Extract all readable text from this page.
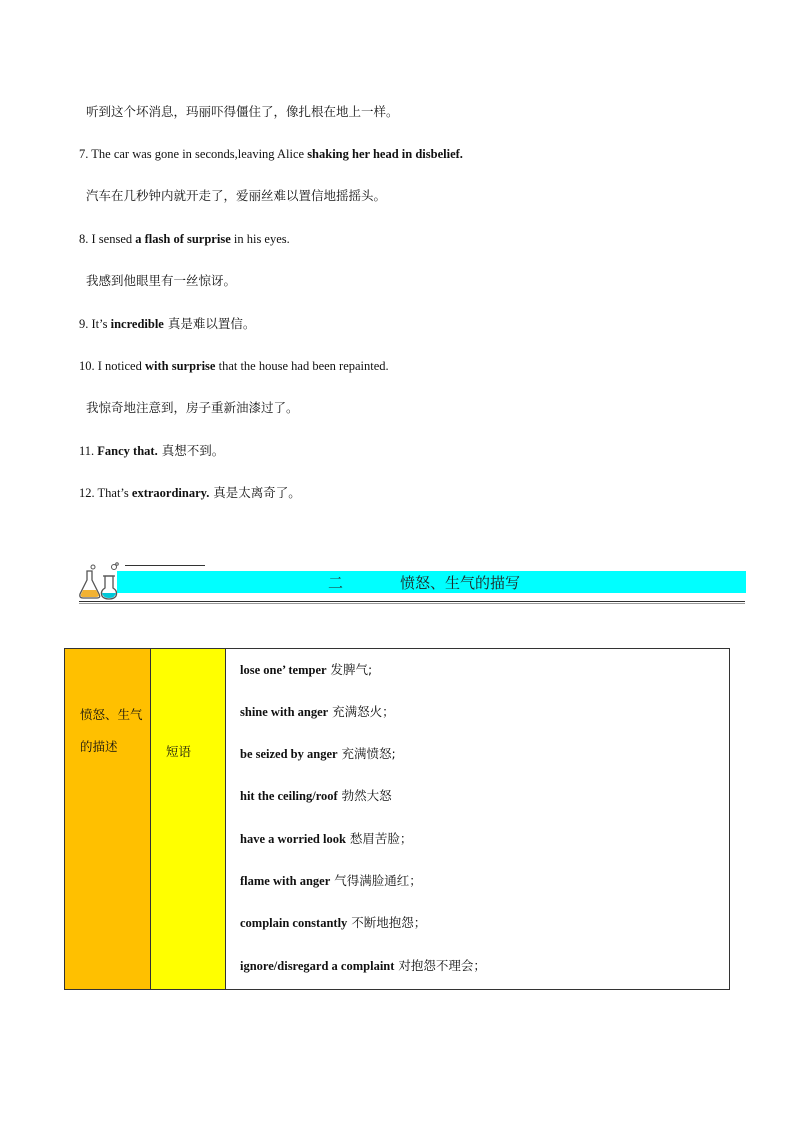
听到这个坏消息，玛丽吓得僵住了，像扎根在地上一样。
7. The car was gone in seconds,leaving Alice shaking her head in disbelief.
汽车在几秒钟内就开走了，爱丽丝难以置信地摇摇头。
8. I sensed a flash of surprise in his eyes.
我感到他眼里有一丝惊讶。
9. It’s incredible 真是难以置信。
10. I noticed with surprise that the house had been repainted.
我惊奇地注意到，房子重新油漆过了。
11. Fancy that. 真想不到。
12. That’s extraordinary. 真是太离奇了。
二	愤怒、生气的描写
愤怒、生气
的描述	短语
lose one’ temper 发脾气;
shine with anger 充满怒火；
be seized by anger 充满愤怒;
hit the ceiling/roof 勃然大怒
have a worried look 愁眉苦脸；
flame with anger 气得满脸通红；
complain constantly 不断地抱怨；
ignore/disregard a complaint 对抱怨不理会；
